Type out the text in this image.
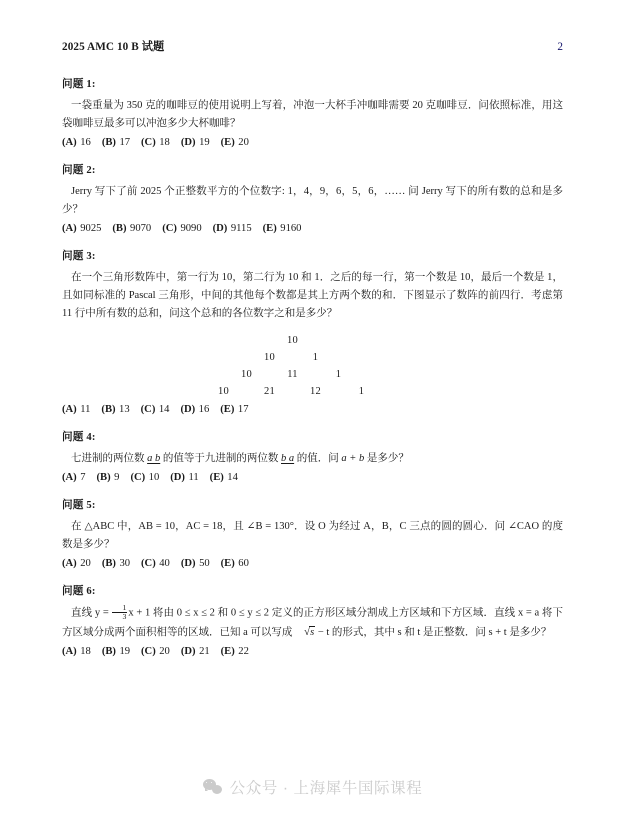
2025 AMC 10 B 试题	2
问题 1:

一袋重量为 350 克的咖啡豆的使用说明上写着，冲泡一大杯手冲咖啡需要 20 克咖啡豆．问依照标准，用这袋咖啡豆最多可以冲泡多少大杯咖啡？

(A) 16 (B) 17 (C) 18 (D) 19 (E) 20
问题 2:

Jerry 写下了前 2025 个正整数平方的个位数字: 1，4，9，6，5，6，…… 问 Jerry 写下的所有数的总和是多少？

(A) 9025 (B) 9070 (C) 9090 (D) 9115 (E) 9160
问题 3:

在一个三角形数阵中，第一行为 10，第二行为 10 和 1．之后的每一行，第一个数是 10，最后一个数是 1，且如同标准的 Pascal 三角形，中间的其他每个数都是其上方两个数的和．下图显示了数阵的前四行．考虑第 11 行中所有数的总和，问这个总和的各位数字之和是多少？

10
10	1
10	11	1
10	21	12	1
(A) 11 (B) 13 (C) 14 (D) 16 (E) 17
问题 4:

七进制的两位数 a b 的值等于九进制的两位数 b a 的值．问 a + b 是多少？

(A) 7 (B) 9 (C) 10 (D) 11 (E) 14
问题 5:

在 △ABC 中，AB = 10，AC = 18，且 ∠B = 130°．设 O 为经过 A，B，C 三点的圆的圆心．问 ∠CAO 的度数是多少？

(A) 20 (B) 30 (C) 40 (D) 50 (E) 60
问题 6:

直线 $y = \frac{1}{3}$ x + 1 将由 0 ≤ x ≤ 2 和 0 ≤ y ≤ 2 定义的正方形区域分割成上方区域和下方区域．直线 x = a 将下方区域分成两个面积相等的区域．已知 a 可以写成 √s − t 的形式，其中 s 和 t 是正整数．问 s + t 是多少？

(A) 18 (B) 19 (C) 20 (D) 21 (E) 22
公众号 · 上海犀牛国际课程
